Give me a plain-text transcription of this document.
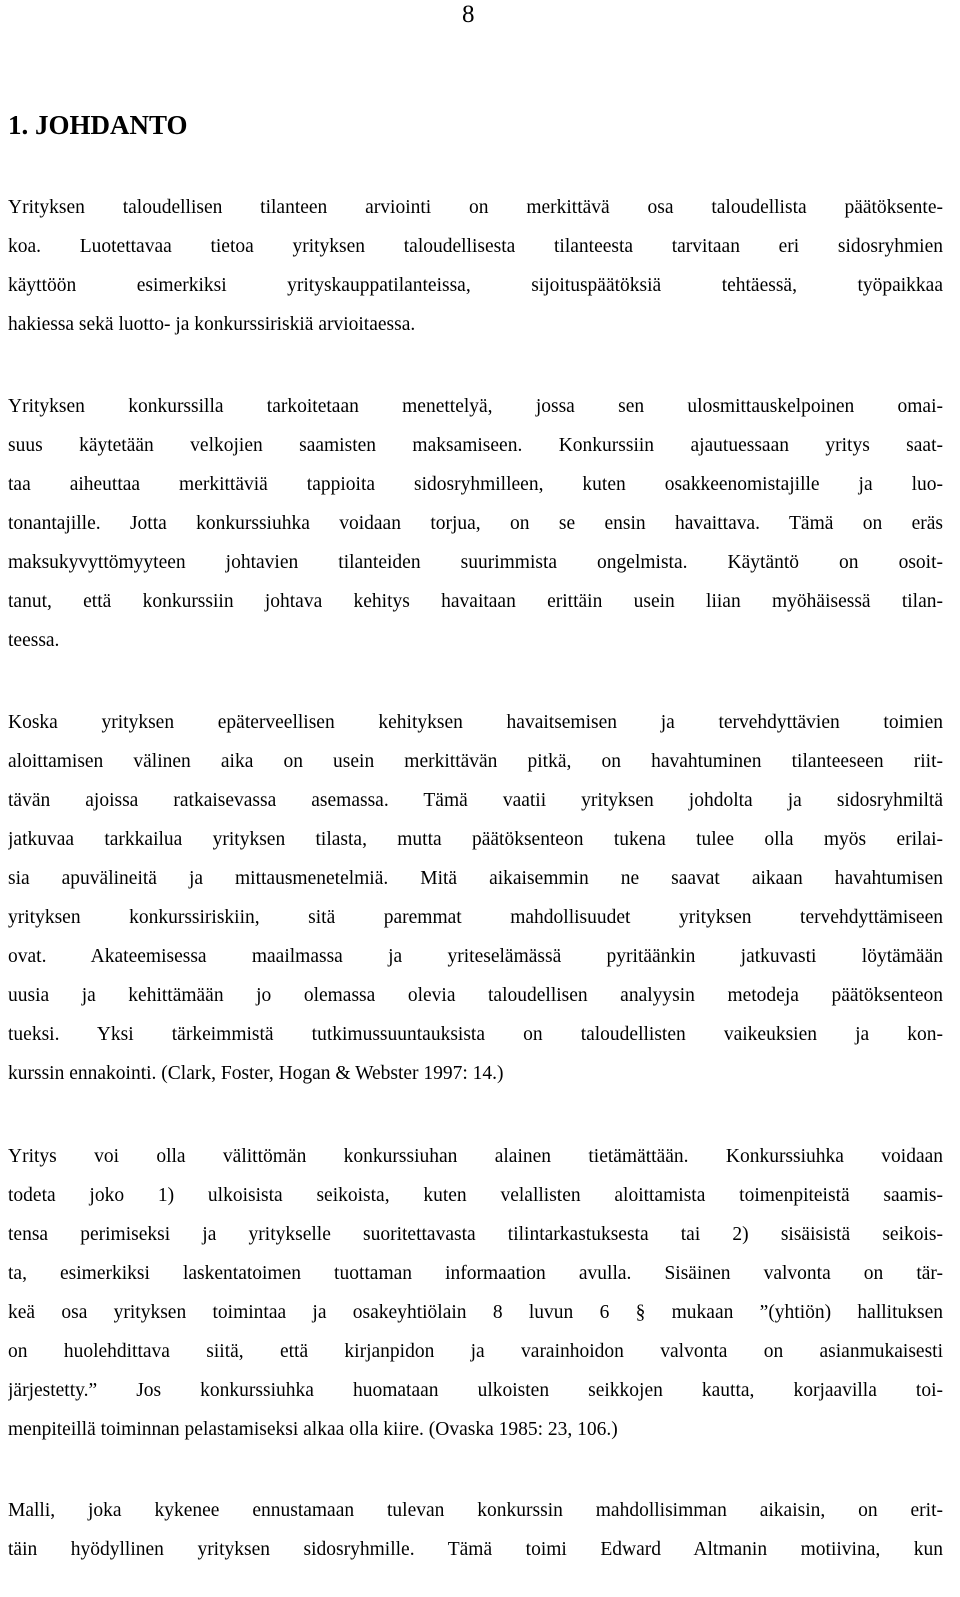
8
1. JOHDANTO

Yrityksen taloudellisen tilanteen arviointi on merkittävä osa taloudellista päätöksente-
koa. Luotettavaa tietoa yrityksen taloudellisesta tilanteesta tarvitaan eri sidosryhmien
käyttöön esimerkiksi yrityskauppatilanteissa, sijoituspäätöksiä tehtäessä, työpaikkaa
hakiessa sekä luotto- ja konkurssiriskiä arvioitaessa.

Yrityksen konkurssilla tarkoitetaan menettelyä, jossa sen ulosmittauskelpoinen omai-
suus käytetään velkojien saamisten maksamiseen. Konkurssiin ajautuessaan yritys saat-
taa aiheuttaa merkittäviä tappioita sidosryhmilleen, kuten osakkeenomistajille ja luo-
tonantajille. Jotta konkurssiuhka voidaan torjua, on se ensin havaittava. Tämä on eräs
maksukyvyttömyyteen johtavien tilanteiden suurimmista ongelmista. Käytäntö on osoit-
tanut, että konkurssiin johtava kehitys havaitaan erittäin usein liian myöhäisessä tilan-
teessa.

Koska yrityksen epäterveellisen kehityksen havaitsemisen ja tervehdyttävien toimien
aloittamisen välinen aika on usein merkittävän pitkä, on havahtuminen tilanteeseen riit-
tävän ajoissa ratkaisevassa asemassa. Tämä vaatii yrityksen johdolta ja sidosryhmiltä
jatkuvaa tarkkailua yrityksen tilasta, mutta päätöksenteon tukena tulee olla myös erilai-
sia apuvälineitä ja mittausmenetelmiä. Mitä aikaisemmin ne saavat aikaan havahtumisen
yrityksen konkurssiriskiin, sitä paremmat mahdollisuudet yrityksen tervehdyttämiseen
ovat. Akateemisessa maailmassa ja yriteselämässä pyritäänkin jatkuvasti löytämään
uusia ja kehittämään jo olemassa olevia taloudellisen analyysin metodeja päätöksenteon
tueksi. Yksi tärkeimmistä tutkimussuuntauksista on taloudellisten vaikeuksien ja kon-
kurssin ennakointi. (Clark, Foster, Hogan & Webster 1997: 14.)

Yritys voi olla välittömän konkurssiuhan alainen tietämättään. Konkurssiuhka voidaan
todeta joko 1) ulkoisista seikoista, kuten velallisten aloittamista toimenpiteistä saamis-
tensa perimiseksi ja yritykselle suoritettavasta tilintarkastuksesta tai 2) sisäisistä seikois-
ta, esimerkiksi laskentatoimen tuottaman informaation avulla. Sisäinen valvonta on tär-
keä osa yrityksen toimintaa ja osakeyhtiölain 8 luvun 6 § mukaan ”(yhtiön) hallituksen
on huolehdittava siitä, että kirjanpidon ja varainhoidon valvonta on asianmukaisesti
järjestetty.” Jos konkurssiuhka huomataan ulkoisten seikkojen kautta, korjaavilla toi-
menpiteillä toiminnan pelastamiseksi alkaa olla kiire. (Ovaska 1985: 23, 106.)

Malli, joka kykenee ennustamaan tulevan konkurssin mahdollisimman aikaisin, on erit-
täin hyödyllinen yrityksen sidosryhmille. Tämä toimi Edward Altmanin motiivina, kun
